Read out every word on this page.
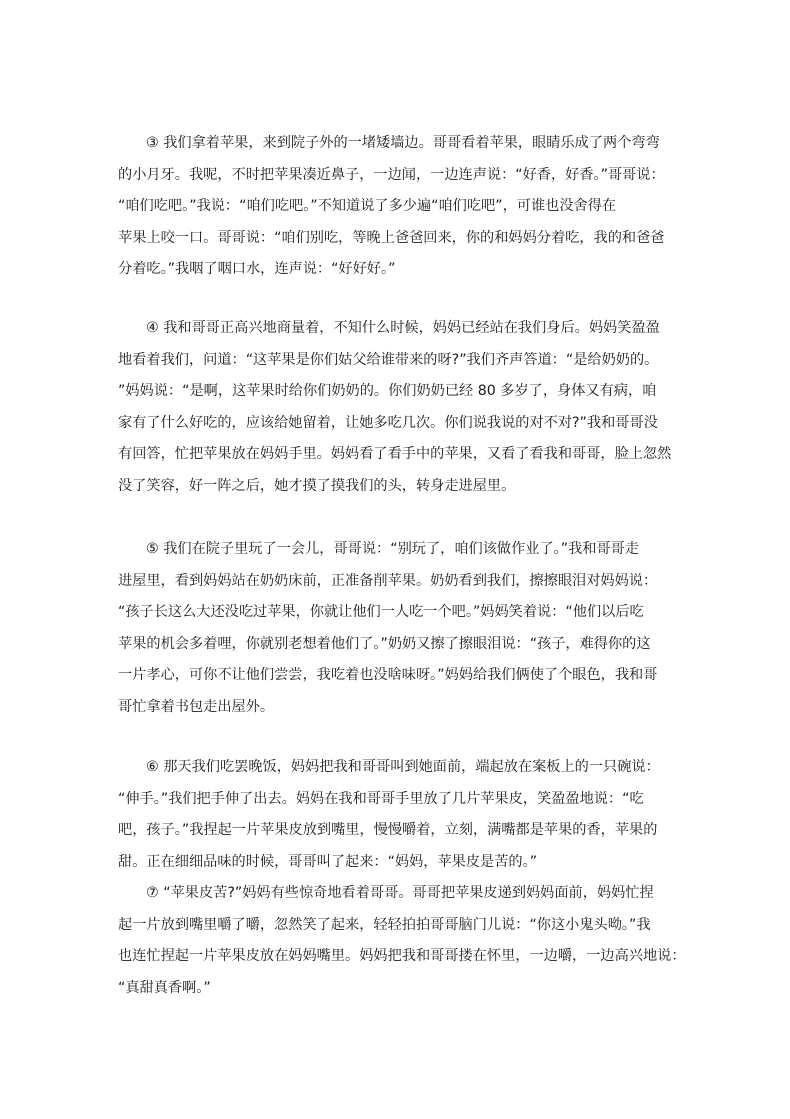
③ 我们拿着苹果，来到院子外的一堵矮墙边。哥哥看着苹果，眼睛乐成了两个弯弯
的小月牙。我呢，不时把苹果凑近鼻子，一边闻，一边连声说：“好香，好香。”哥哥说：
“咱们吃吧。”我说：“咱们吃吧。”不知道说了多少遍“咱们吃吧”，可谁也没舍得在
苹果上咬一口。哥哥说：“咱们别吃，等晚上爸爸回来，你的和妈妈分着吃，我的和爸爸
分着吃。”我咽了咽口水，连声说：“好好好。”
④ 我和哥哥正高兴地商量着，不知什么时候，妈妈已经站在我们身后。妈妈笑盈盈
地看着我们，问道：“这苹果是你们姑父给谁带来的呀?”我们齐声答道：“是给奶奶的。
”妈妈说：“是啊，这苹果时给你们奶奶的。你们奶奶已经 80 多岁了，身体又有病，咱
家有了什么好吃的，应该给她留着，让她多吃几次。你们说我说的对不对?”我和哥哥没
有回答，忙把苹果放在妈妈手里。妈妈看了看手中的苹果，又看了看我和哥哥，脸上忽然
没了笑容，好一阵之后，她才摸了摸我们的头，转身走进屋里。
⑤ 我们在院子里玩了一会儿，哥哥说：“别玩了，咱们该做作业了。”我和哥哥走
进屋里，看到妈妈站在奶奶床前，正准备削苹果。奶奶看到我们，擦擦眼泪对妈妈说：
“孩子长这么大还没吃过苹果，你就让他们一人吃一个吧。”妈妈笑着说：“他们以后吃
苹果的机会多着哩，你就别老想着他们了。”奶奶又擦了擦眼泪说：“孩子，难得你的这
一片孝心，可你不让他们尝尝，我吃着也没啥味呀。”妈妈给我们俩使了个眼色，我和哥
哥忙拿着书包走出屋外。
⑥ 那天我们吃罢晚饭，妈妈把我和哥哥叫到她面前，端起放在案板上的一只碗说：
“伸手。”我们把手伸了出去。妈妈在我和哥哥手里放了几片苹果皮，笑盈盈地说：“吃
吧，孩子。”我捏起一片苹果皮放到嘴里，慢慢嚼着，立刻，满嘴都是苹果的香，苹果的
甜。正在细细品味的时候，哥哥叫了起来：“妈妈，苹果皮是苦的。”
⑦ “苹果皮苦?”妈妈有些惊奇地看着哥哥。哥哥把苹果皮递到妈妈面前，妈妈忙捏
起一片放到嘴里嚼了嚼，忽然笑了起来，轻轻拍拍哥哥脑门儿说：“你这小鬼头呦。”我
也连忙捏起一片苹果皮放在妈妈嘴里。妈妈把我和哥哥搂在怀里，一边嚼，一边高兴地说：
“真甜真香啊。”
